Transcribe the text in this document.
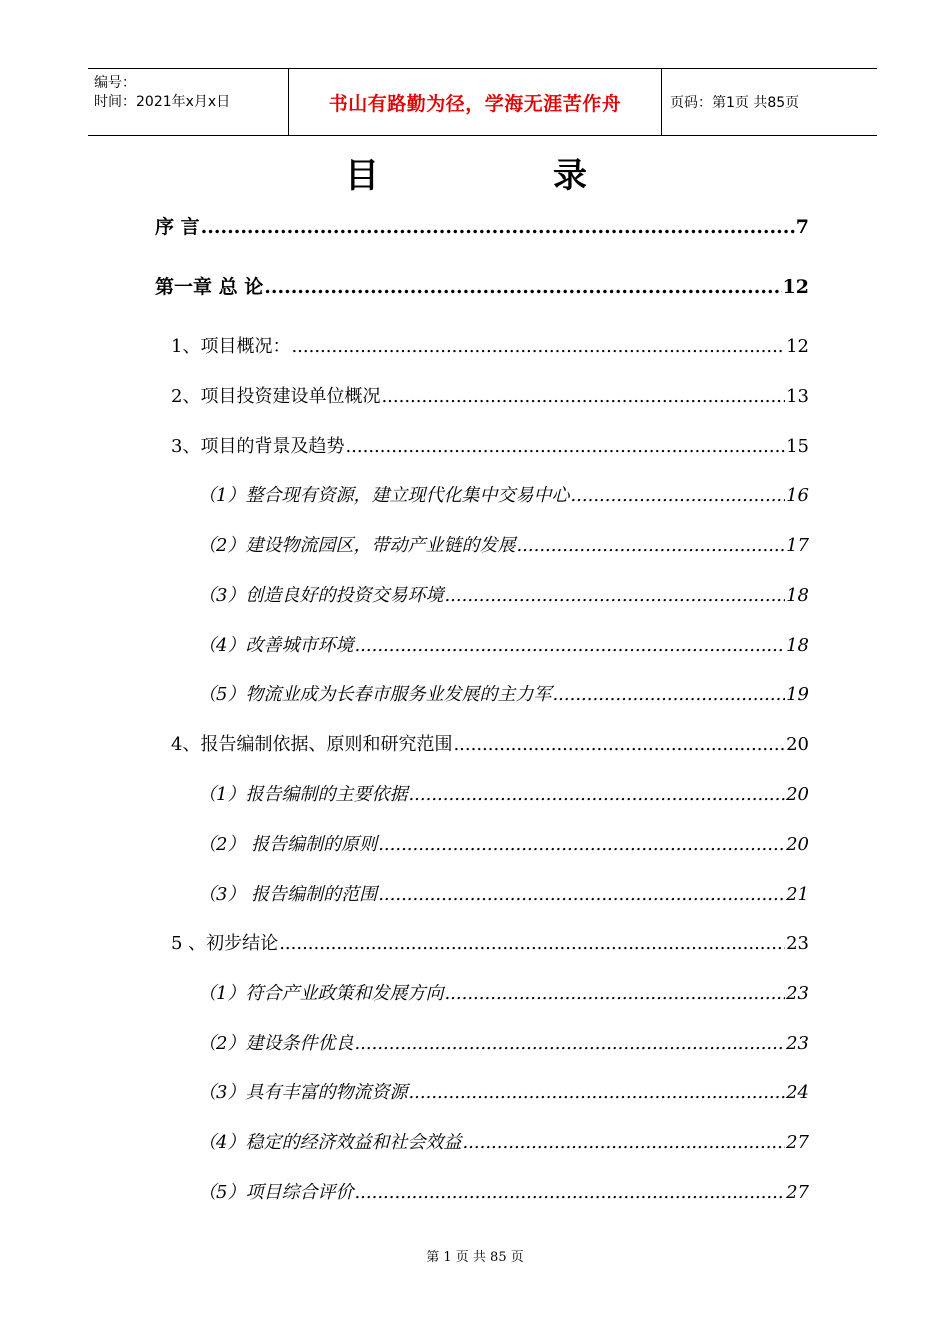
编号：
时间：2021年x月x日	书山有路勤为径，学海无涯苦作舟	页码：第1页 共85页
目	录
序 言 .....	7
第一章 总 论 .....	12
1、项目概况： .....	12
2、项目投资建设单位概况 .....	13
3、项目的背景及趋势 .....	15
（1）整合现有资源，建立现代化集中交易中心 .....	16
（2）建设物流园区，带动产业链的发展 .....	17
（3）创造良好的投资交易环境 .....	18
（4）改善城市环境 .....	18
（5）物流业成为长春市服务业发展的主力军 .....	19
4、报告编制依据、原则和研究范围 .....	20
（1）报告编制的主要依据 .....	20
（2） 报告编制的原则 .....	20
（3） 报告编制的范围 .....	21
5 、初步结论 .....	23
（1）符合产业政策和发展方向 .....	23
（2）建设条件优良 .....	23
（3）具有丰富的物流资源 .....	24
（4）稳定的经济效益和社会效益 .....	27
（5）项目综合评价 .....	27
第 1 页 共 85 页
